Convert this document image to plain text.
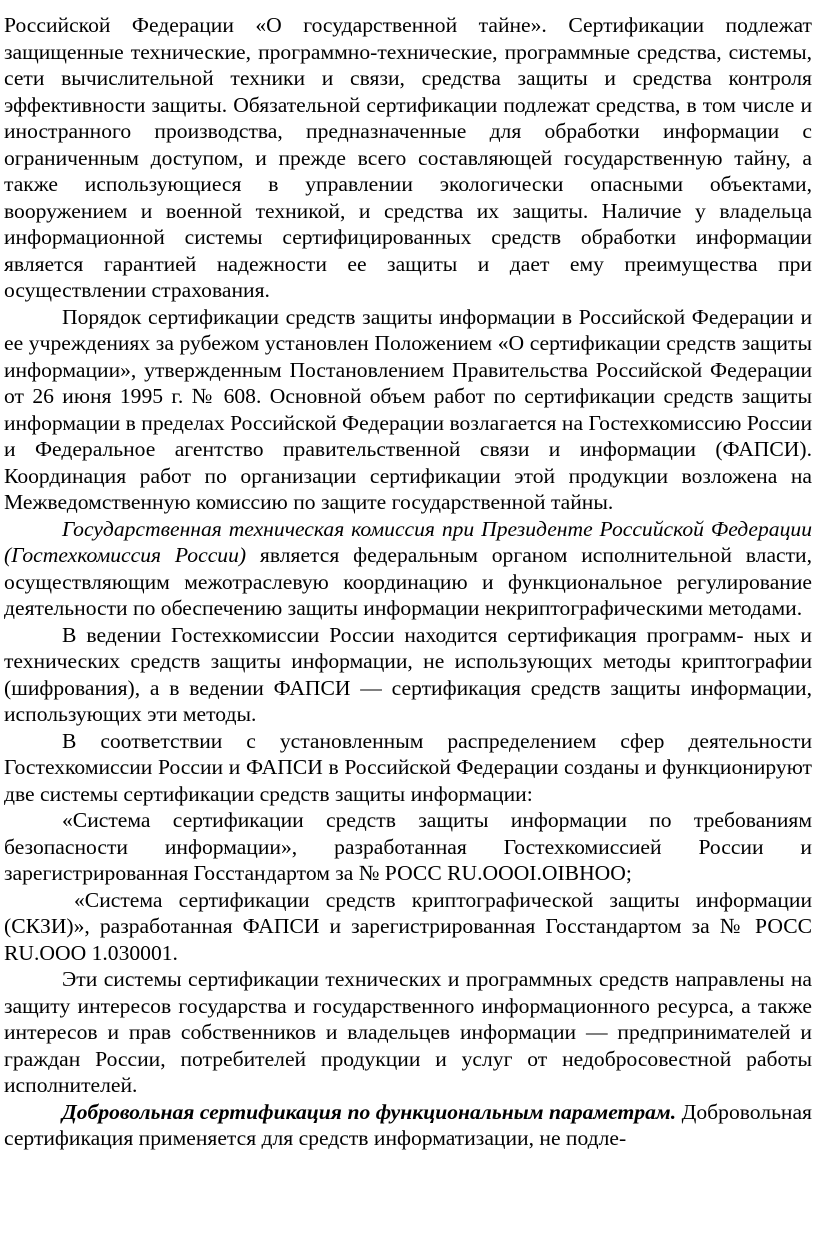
Российской Федерации «О государственной тайне». Сертификации подлежат защищенные технические, программно-технические, программные средства, системы, сети вычислительной техники и связи, средства защиты и средства контроля эффективности защиты. Обязательной сертификации подлежат средства, в том числе и иностранного производства, предназначенные для обработки информации с ограниченным доступом, и прежде всего составляющей государственную тайну, а также использующиеся в управлении экологически опасными объектами, вооружением и военной техникой, и средства их защиты. Наличие у владельца информационной системы сертифицированных средств обработки информации является гарантией надежности ее защиты и дает ему преимущества при осуществлении страхования.

Порядок сертификации средств защиты информации в Российской Федерации и ее учреждениях за рубежом установлен Положением «О сертификации средств защиты информации», утвержденным Постановлением Правительства Российской Федерации от 26 июня 1995 г. № 608. Основной объем работ по сертификации средств защиты информации в пределах Российской Федерации возлагается на Гостехкомиссию России и Федеральное агентство правительственной связи и информации (ФАПСИ). Координация работ по организации сертификации этой продукции возложена на Межведомственную комиссию по защите государственной тайны.

Государственная техническая комиссия при Президенте Российской Федерации (Гостехкомиссия России) является федеральным органом исполнительной власти, осуществляющим межотраслевую координацию и функциональное регулирование деятельности по обеспечению защиты информации некриптографическими методами.

В ведении Гостехкомиссии России находится сертификация программ- ных и технических средств защиты информации, не использующих методы криптографии (шифрования), а в ведении ФАПСИ — сертификация средств защиты информации, использующих эти методы.

В соответствии с установленным распределением сфер деятельности Гостехкомиссии России и ФАПСИ в Российской Федерации созданы и функционируют две системы сертификации средств защиты информации:

«Система сертификации средств защиты информации по требованиям безопасности информации», разработанная Гостехкомиссией России и зарегистрированная Госстандартом за № РОСС RU.OOOI.OIBHOO;

«Система сертификации средств криптографической защиты информации (СКЗИ)», разработанная ФАПСИ и зарегистрированная Госстандартом за № РОСС RU.OOO 1.030001.

Эти системы сертификации технических и программных средств направлены на защиту интересов государства и государственного информационного ресурса, а также интересов и прав собственников и владельцев информации — предпринимателей и граждан России, потребителей продукции и услуг от недобросовестной работы исполнителей.

Добровольная сертификация по функциональным параметрам. Добровольная сертификация применяется для средств информатизации, не подле-
